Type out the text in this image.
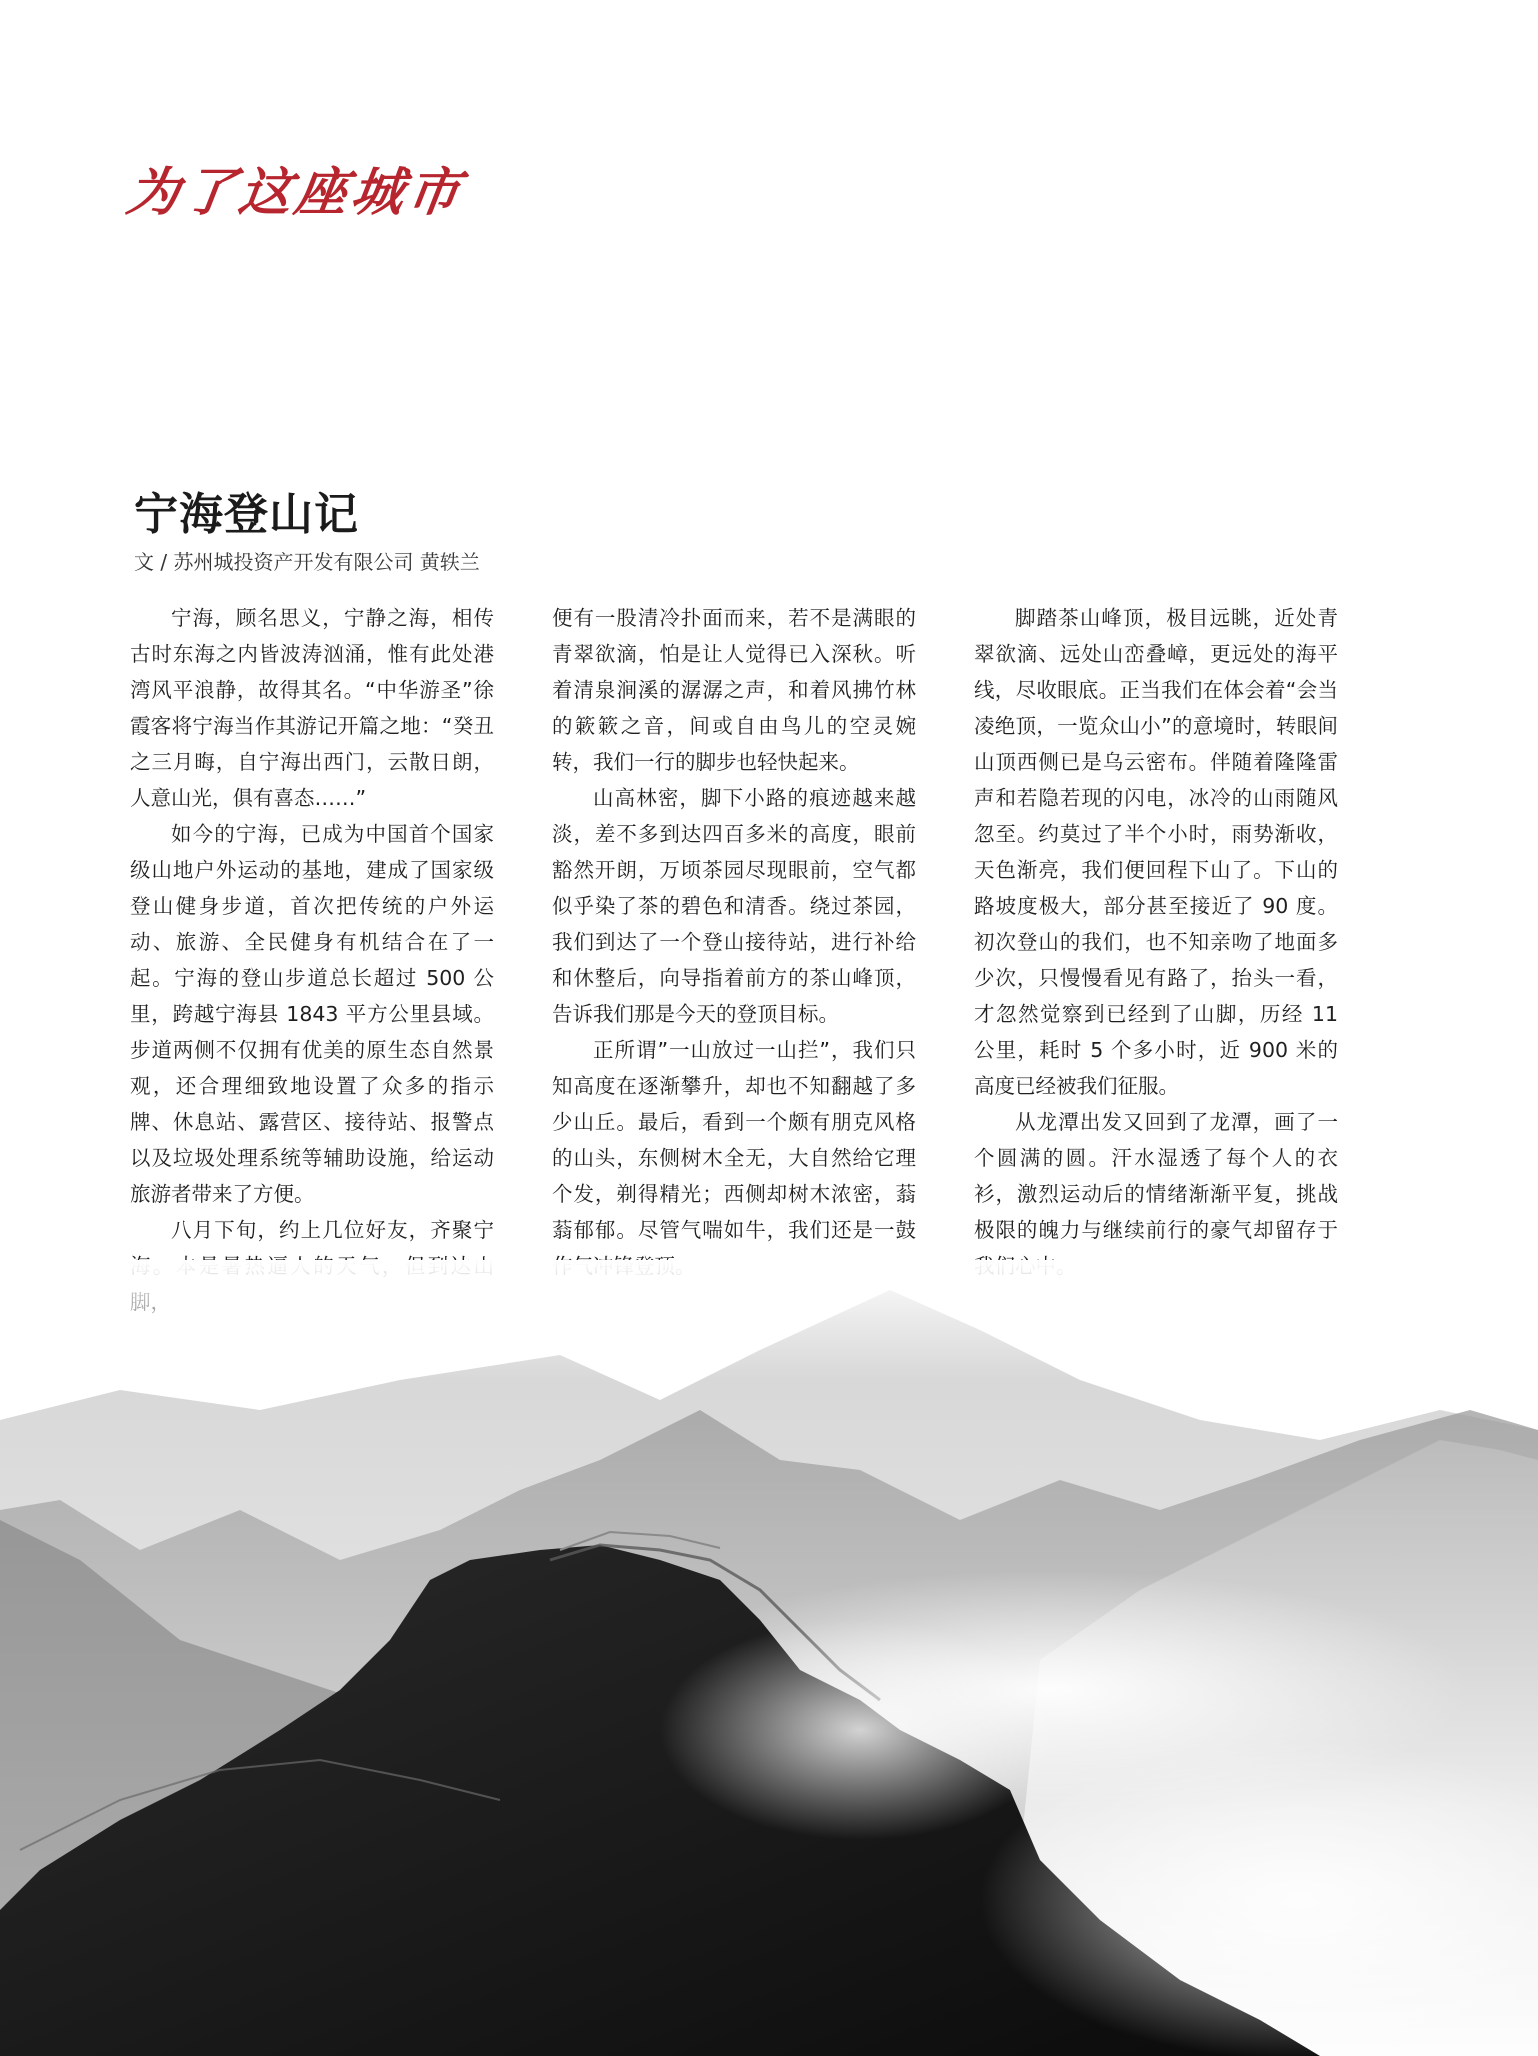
为了这座城市
宁海登山记
文 / 苏州城投资产开发有限公司 黄轶兰

宁海，顾名思义，宁静之海，相传古时东海之内皆波涛汹涌，惟有此处港湾风平浪静，故得其名。“中华游圣”徐霞客将宁海当作其游记开篇之地：“癸丑之三月晦，自宁海出西门，云散日朗，人意山光，俱有喜态……”

如今的宁海，已成为中国首个国家级山地户外运动的基地，建成了国家级登山健身步道，首次把传统的户外运动、旅游、全民健身有机结合在了一起。宁海的登山步道总长超过 500 公里，跨越宁海县 1843 平方公里县域。步道两侧不仅拥有优美的原生态自然景观，还合理细致地设置了众多的指示牌、休息站、露营区、接待站、报警点以及垃圾处理系统等辅助设施，给运动旅游者带来了方便。

八月下旬，约上几位好友，齐聚宁

便有一股清冷扑面而来，若不是满眼的青翠欲滴，怕是让人觉得已入深秋。听着清泉涧溪的潺潺之声，和着风拂竹林的簌簌之音，间或自由鸟儿的空灵婉转，我们一行的脚步也轻快起来。

山高林密，脚下小路的痕迹越来越淡，差不多到达四百多米的高度，眼前豁然开朗，万顷茶园尽现眼前，空气都似乎染了茶的碧色和清香。绕过茶园，我们到达了一个登山接待站，进行补给和休整后，向导指着前方的茶山峰顶，告诉我们那是今天的登顶目标。

正所谓”一山放过一山拦”，我们只知高度在逐渐攀升，却也不知翻越了多少山丘。最后，看到一个颇有朋克风格的山头，东侧树木全无，大自然给它理个发，剃得精光；西侧却树木浓密，蓊蓊郁郁。尽管气喘如牛，我们还是一鼓

脚踏茶山峰顶，极目远眺，近处青翠欲滴、远处山峦叠嶂，更远处的海平线，尽收眼底。正当我们在体会着“会当凌绝顶，一览众山小”的意境时，转眼间山顶西侧已是乌云密布。伴随着隆隆雷声和若隐若现的闪电，冰冷的山雨随风忽至。约莫过了半个小时，雨势渐收，天色渐亮，我们便回程下山了。下山的路坡度极大，部分甚至接近了 90 度。初次登山的我们，也不知亲吻了地面多少次，只慢慢看见有路了，抬头一看，才忽然觉察到已经到了山脚，历经 11 公里，耗时 5 个多小时，近 900 米的高度已经被我们征服。

从龙潭出发又回到了龙潭，画了一个圆满的圆。汗水湿透了每个人的衣衫，激烈运动后的情绪渐渐平复，挑战极限的魄力与继续前行的豪气却留存于
